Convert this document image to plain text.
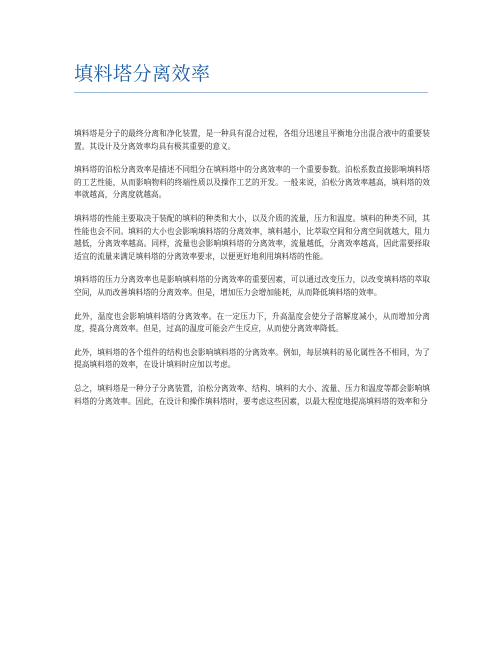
填料塔分离效率

填料塔是分子的最终分离和净化装置，是一种具有混合过程，各组分迅速且平衡地分出混合液中的重要装置。其设计及分离效率均具有极其重要的意义。

填料塔的泊松分离效率是描述不同组分在填料塔中的分离效率的一个重要参数。泊松系数直接影响填料塔的工艺性能，从而影响物料的终端性质以及操作工艺的开发。一般来说，泊松分离效率越高，填料塔的效率就越高，分离度就越高。

填料塔的性能主要取决于装配的填料的种类和大小，以及介质的流量，压力和温度。填料的种类不同，其性能也会不同。填料的大小也会影响填料塔的分离效率，填料越小，比萃取空间和分离空间就越大，阻力越低，分离效率越高。同样，流量也会影响填料塔的分离效率，流量越低，分离效率越高，因此需要择取适宜的流量来满足填料塔的分离效率要求，以便更好地利用填料塔的性能。

填料塔的压力分离效率也是影响填料塔的分离效率的重要因素，可以通过改变压力，以改变填料塔的萃取空间，从而改善填料塔的分离效率。但是，增加压力会增加能耗，从而降低填料塔的效率。

此外，温度也会影响填料塔的分离效率。在一定压力下，升高温度会使分子溶解度减小，从而增加分离度，提高分离效率。但是，过高的温度可能会产生反应，从而使分离效率降低。

此外，填料塔的各个组件的结构也会影响填料塔的分离效率。例如，每层填料的易化属性各不相同，为了提高填料塔的效率，在设计填料时应加以考虑。

总之，填料塔是一种分子分离装置，泊松分离效率、结构、填料的大小、流量、压力和温度等都会影响填料塔的分离效率。因此，在设计和操作填料塔时，要考虑这些因素，以最大程度地提高填料塔的效率和分
